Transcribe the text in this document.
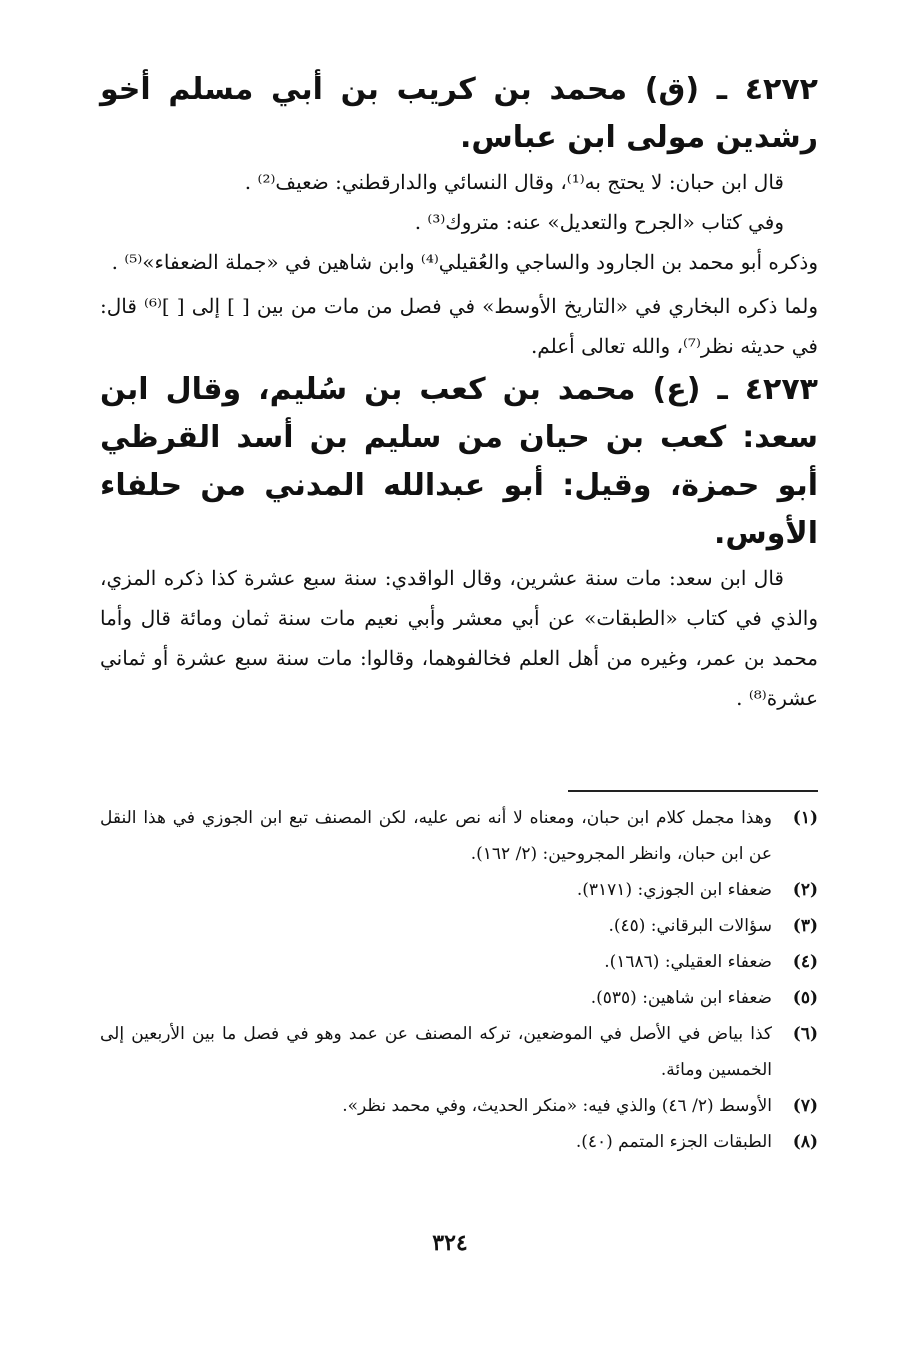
٤٢٧٢ ـ (ق) محمد بن كريب بن أبي مسلم أخو رشدين مولى ابن عباس.

قال ابن حبان: لا يحتج به⁽¹⁾، وقال النسائي والدارقطني: ضعيف⁽²⁾ .

وفي كتاب «الجرح والتعديل» عنه: متروك⁽³⁾ .

وذكره أبو محمد بن الجارود والساجي والعُقيلي⁽⁴⁾ وابن شاهين في «جملة الضعفاء»⁽⁵⁾ .

ولما ذكره البخاري في «التاريخ الأوسط» في فصل من مات من بين [ ] إلى [ ]⁽⁶⁾ قال: في حديثه نظر⁽⁷⁾، والله تعالى أعلم.

٤٢٧٣ ـ (ع) محمد بن كعب بن سُليم، وقال ابن سعد: كعب بن حيان من سليم بن أسد القرظي أبو حمزة، وقيل: أبو عبدالله المدني من حلفاء الأوس.

قال ابن سعد: مات سنة عشرين، وقال الواقدي: سنة سبع عشرة كذا ذكره المزي، والذي في كتاب «الطبقات» عن أبي معشر وأبي نعيم مات سنة ثمان ومائة قال وأما محمد بن عمر، وغيره من أهل العلم فخالفوهما، وقالوا: مات سنة سبع عشرة أو ثماني عشرة⁽⁸⁾ .

(١)
وهذا مجمل كلام ابن حبان، ومعناه لا أنه نص عليه، لكن المصنف تبع ابن الجوزي في هذا النقل عن ابن حبان، وانظر المجروحين: (٢/ ١٦٢).
(٢)
ضعفاء ابن الجوزي: (٣١٧١).
(٣)
سؤالات البرقاني: (٤٥).
(٤)
ضعفاء العقيلي: (١٦٨٦).
(٥)
ضعفاء ابن شاهين: (٥٣٥).
(٦)
كذا بياض في الأصل في الموضعين، تركه المصنف عن عمد وهو في فصل ما بين الأربعين إلى الخمسين ومائة.
(٧)
الأوسط (٢/ ٤٦) والذي فيه: «منكر الحديث، وفي محمد نظر».
(٨)
الطبقات الجزء المتمم (٤٠).
٣٢٤
